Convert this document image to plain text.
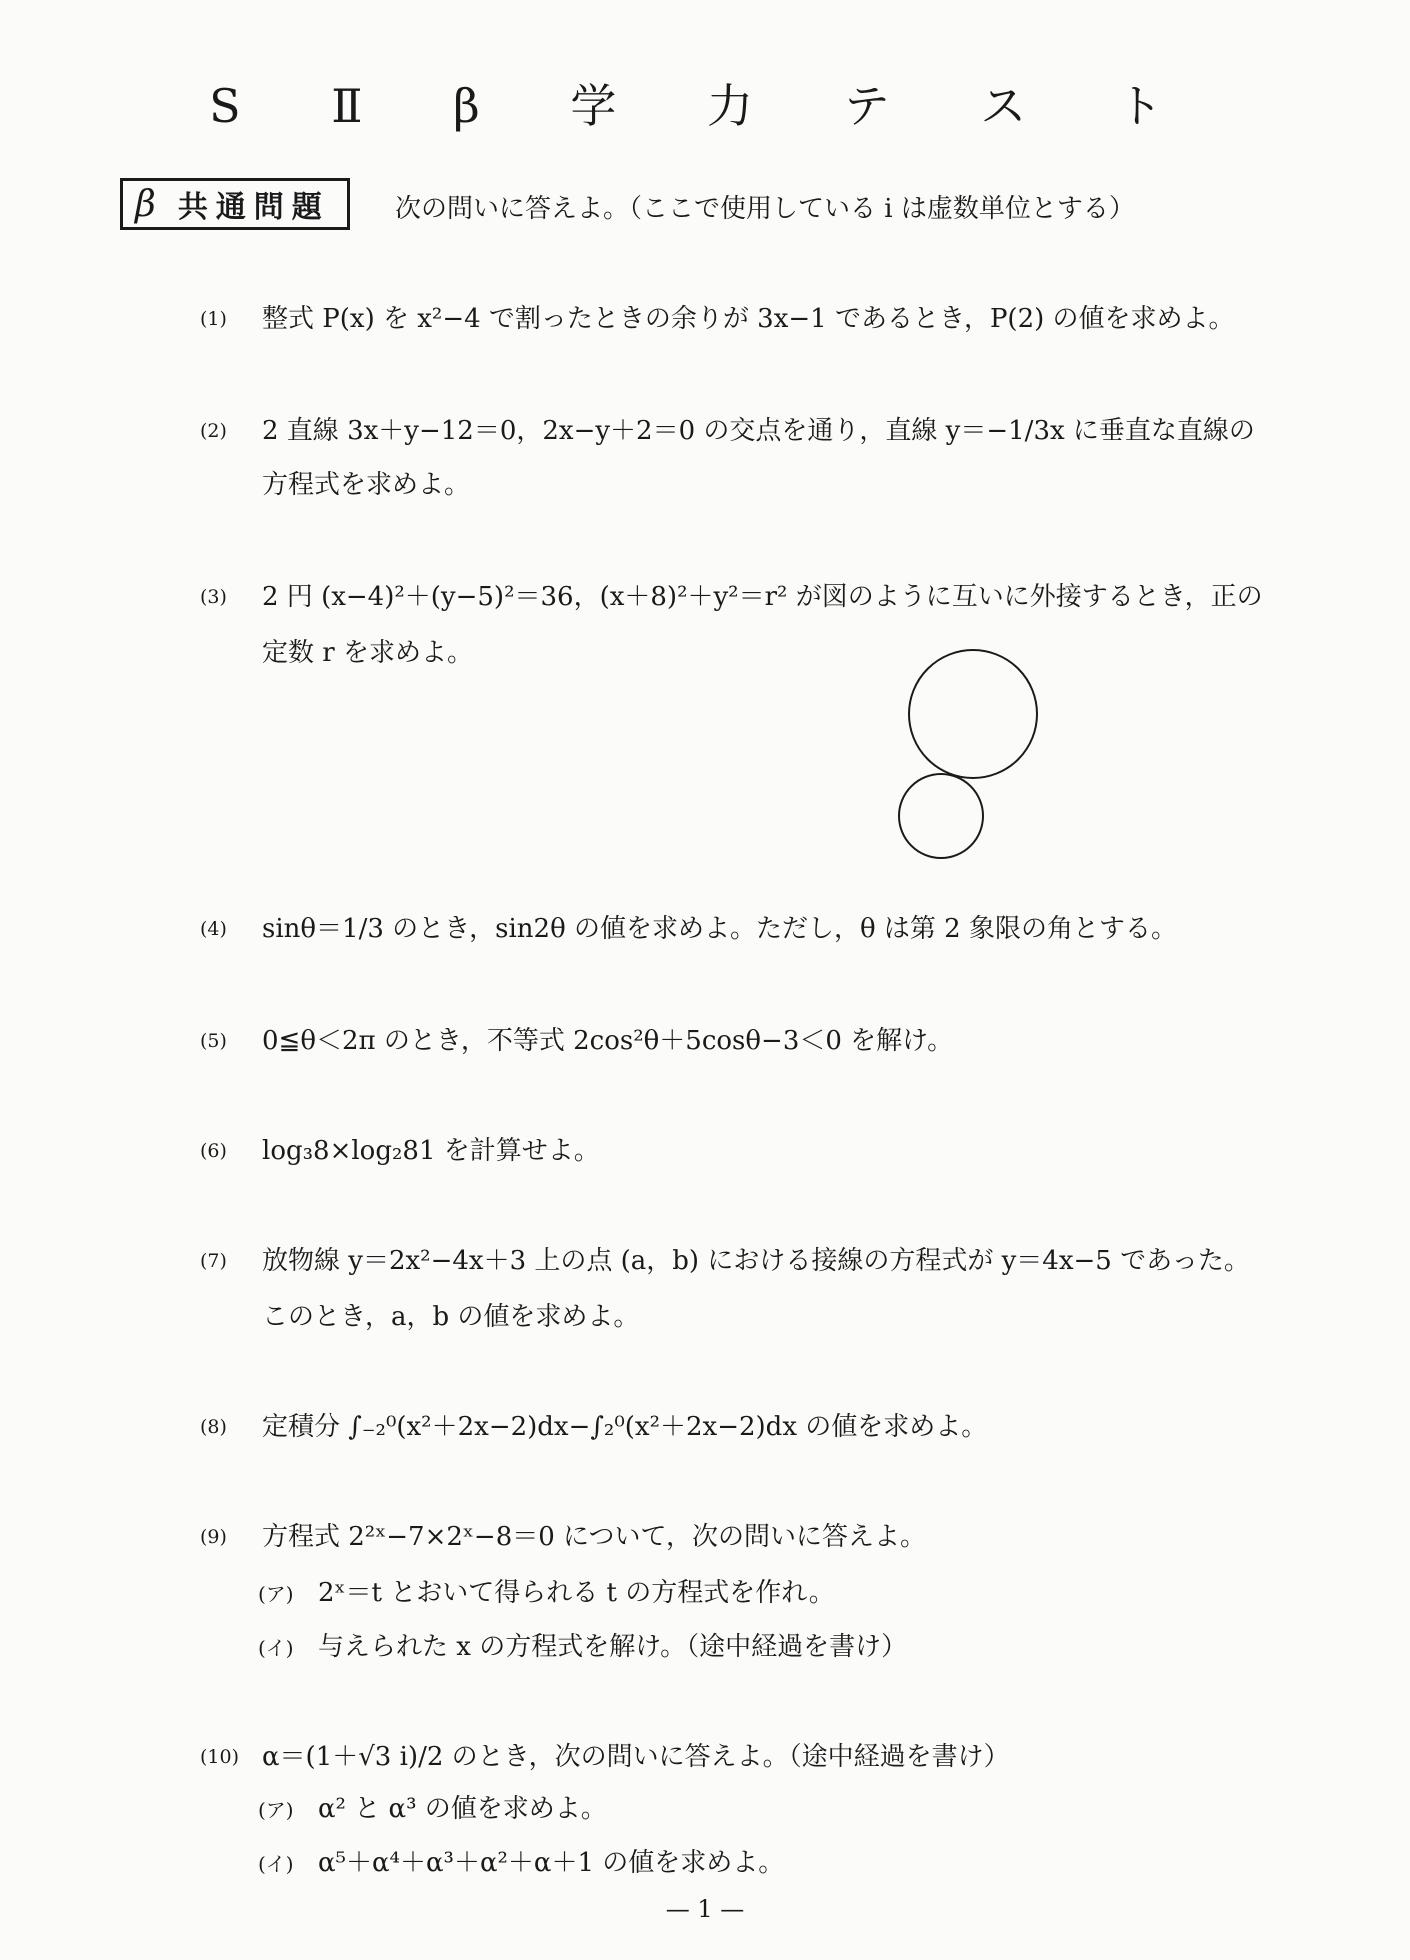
S Ⅱ β 学 力 テ ス ト
β 共通問題	次の問いに答えよ。（ここで使用している i は虚数単位とする）
(1) 整式 P(x) を x²−4 で割ったときの余りが 3x−1 であるとき，P(2) の値を求めよ。
(2) 2 直線 3x＋y−12＝0，2x−y＋2＝0 の交点を通り，直線 y＝−1/3x に垂直な直線の
方程式を求めよ。
(3) 2 円 (x−4)²＋(y−5)²＝36，(x＋8)²＋y²＝r² が図のように互いに外接するとき，正の
定数 r を求めよ。
(4) sinθ＝1/3 のとき，sin2θ の値を求めよ。ただし，θ は第 2 象限の角とする。
(5) 0≦θ＜2π のとき，不等式 2cos²θ＋5cosθ−3＜0 を解け。
(6) log₃8×log₂81 を計算せよ。
(7) 放物線 y＝2x²−4x＋3 上の点 (a，b) における接線の方程式が y＝4x−5 であった。
このとき，a，b の値を求めよ。
(8) 定積分 ∫₋₂⁰(x²＋2x−2)dx−∫₂⁰(x²＋2x−2)dx の値を求めよ。
(9) 方程式 2²ˣ−7×2ˣ−8＝0 について，次の問いに答えよ。
(ア) 2ˣ＝t とおいて得られる t の方程式を作れ。
(イ) 与えられた x の方程式を解け。（途中経過を書け）
(10) α＝(1＋√3 i)/2 のとき，次の問いに答えよ。（途中経過を書け）
(ア) α² と α³ の値を求めよ。
(イ) α⁵＋α⁴＋α³＋α²＋α＋1 の値を求めよ。
— 1 —
